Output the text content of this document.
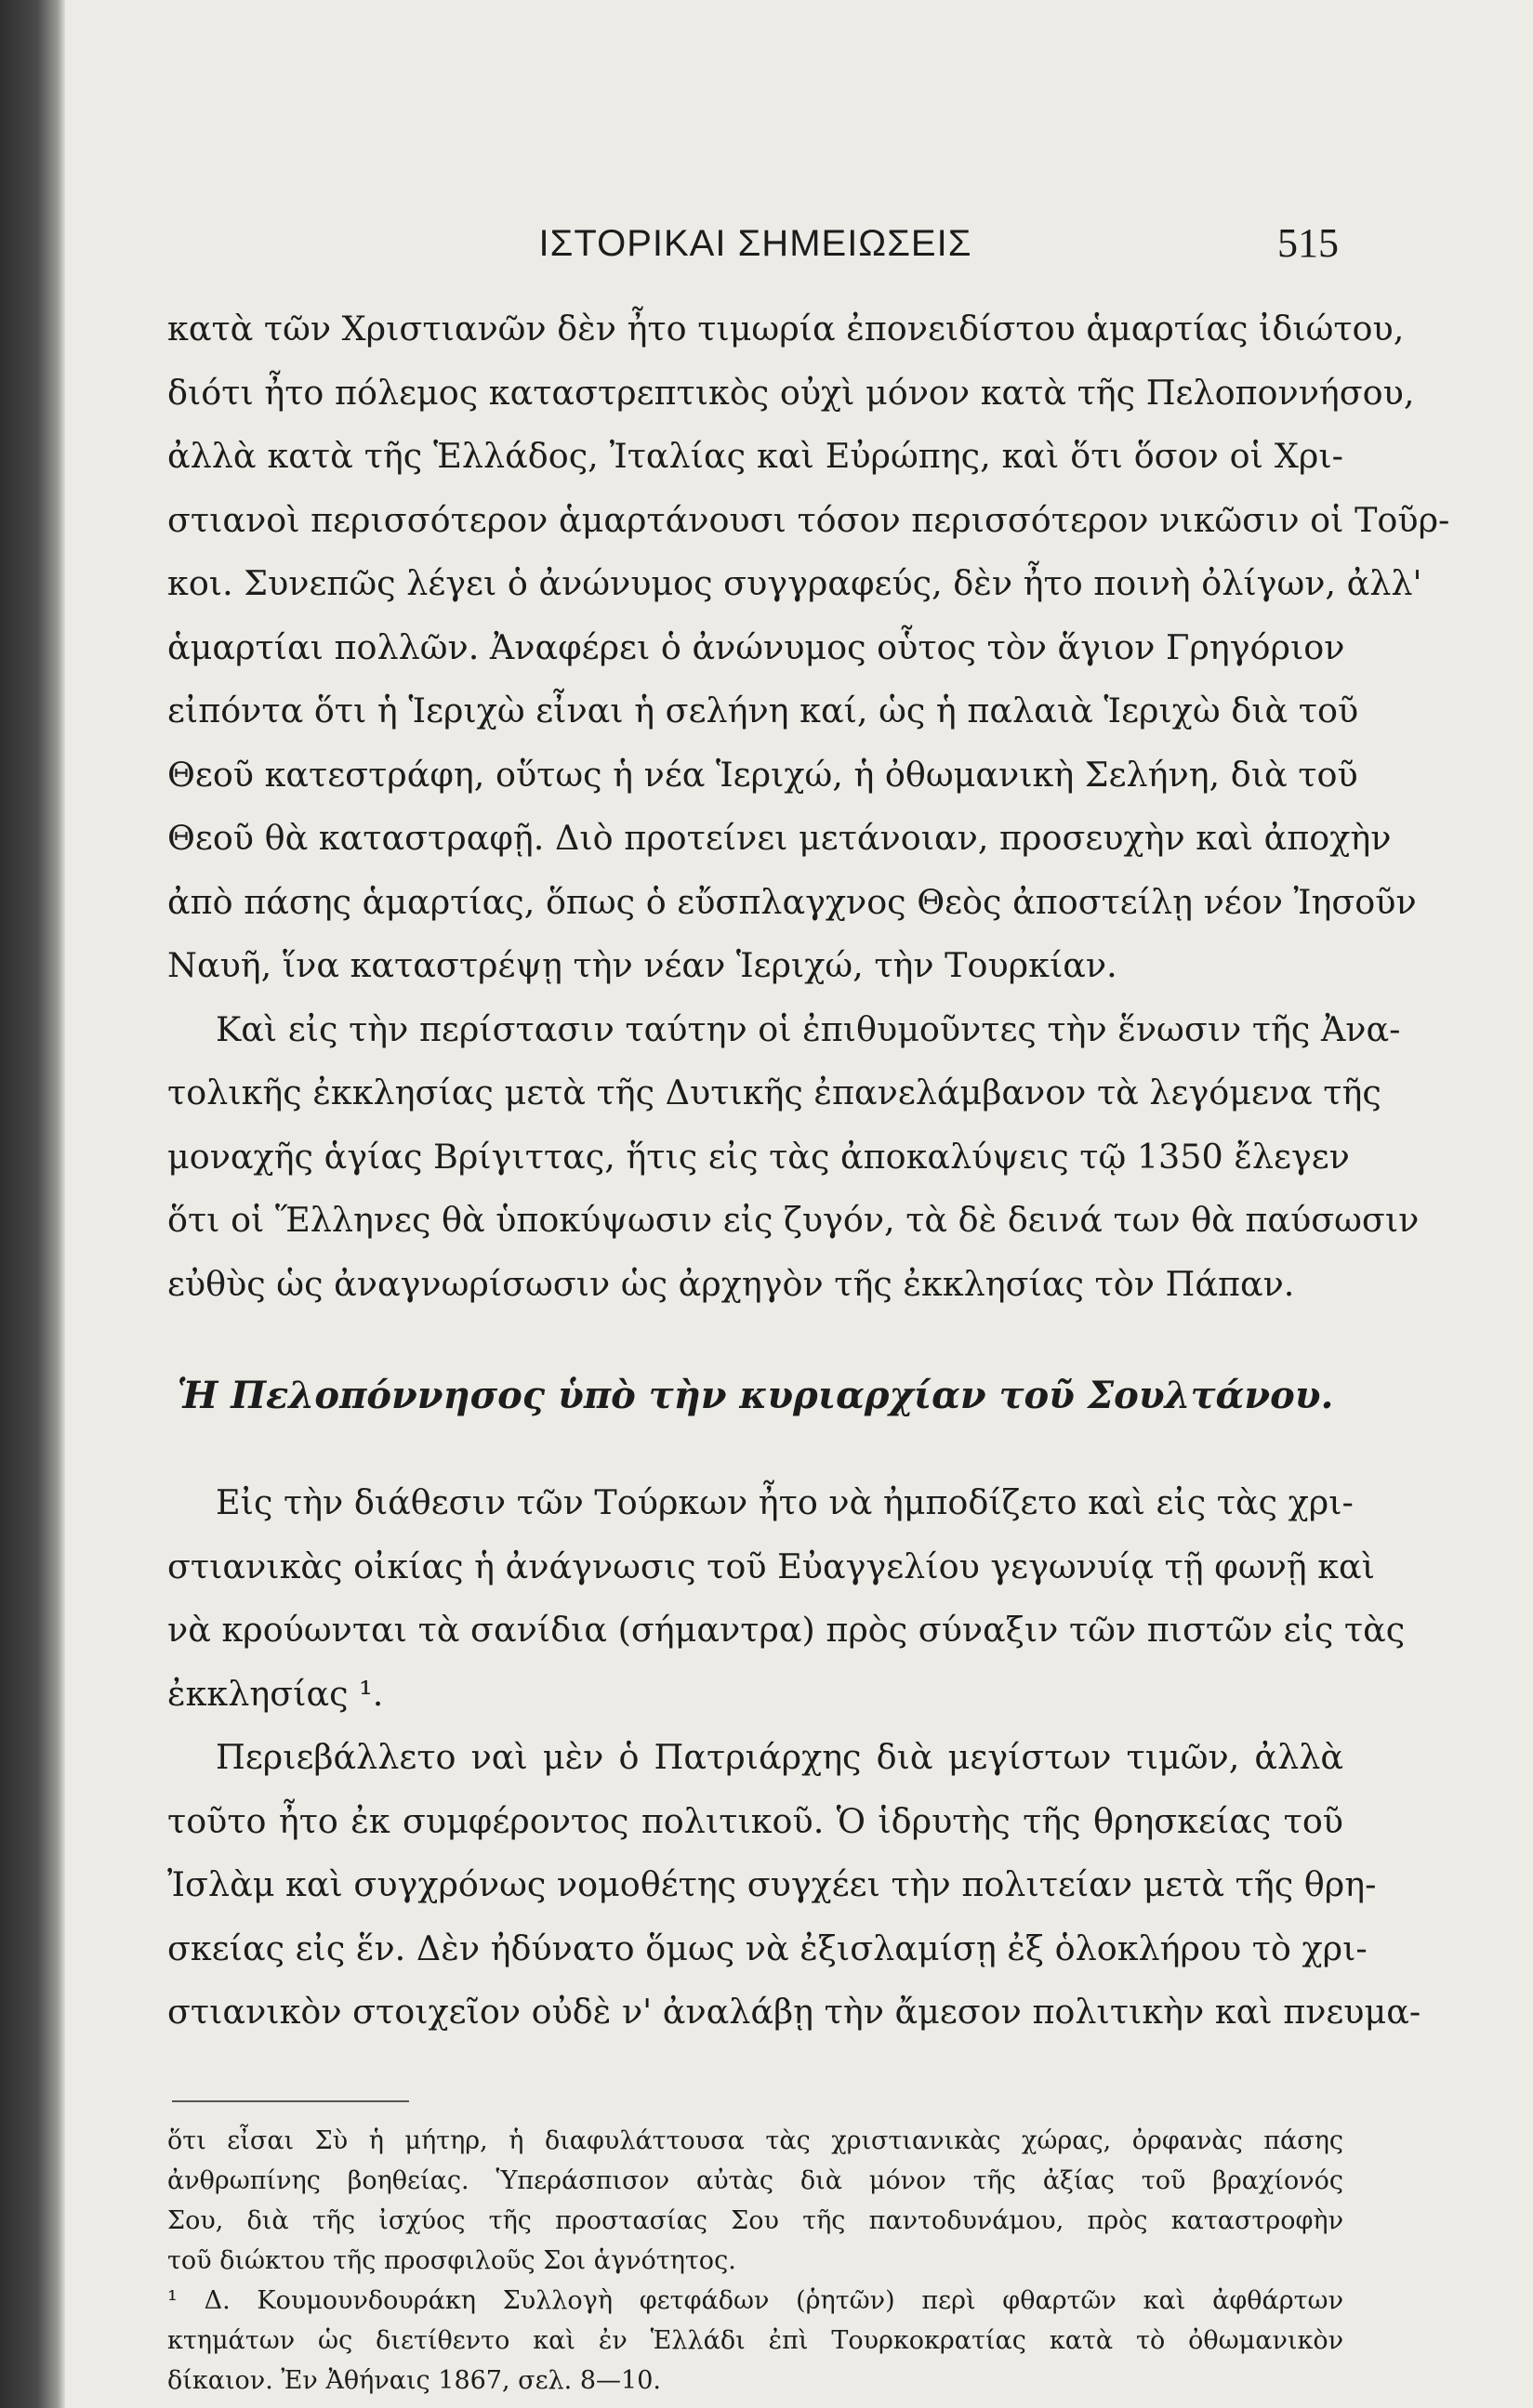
ΙΣΤΟΡΙΚΑΙ ΣΗΜΕΙΩΣΕΙΣ	515

κατὰ τῶν Χριστιανῶν δὲν ἦτο τιμωρία ἐπονειδίστου ἁμαρτίας ἰδιώτου,
διότι ἦτο πόλεμος καταστρεπτικὸς οὐχὶ μόνον κατὰ τῆς Πελοποννήσου,
ἀλλὰ κατὰ τῆς Ἑλλάδος, Ἰταλίας καὶ Εὐρώπης, καὶ ὅτι ὅσον οἱ Χρι-
στιανοὶ περισσότερον ἁμαρτάνουσι τόσον περισσότερον νικῶσιν οἱ Τοῦρ-
κοι. Συνεπῶς λέγει ὁ ἀνώνυμος συγγραφεύς, δὲν ἦτο ποινὴ ὀλίγων, ἀλλ'
ἁμαρτίαι πολλῶν. Ἀναφέρει ὁ ἀνώνυμος οὗτος τὸν ἅγιον Γρηγόριον
εἰπόντα ὅτι ἡ Ἱεριχὼ εἶναι ἡ σελήνη καί, ὡς ἡ παλαιὰ Ἱεριχὼ διὰ τοῦ
Θεοῦ κατεστράφη, οὕτως ἡ νέα Ἱεριχώ, ἡ ὀθωμανικὴ Σελήνη, διὰ τοῦ
Θεοῦ θὰ καταστραφῇ. Διὸ προτείνει μετάνοιαν, προσευχὴν καὶ ἀποχὴν
ἀπὸ πάσης ἁμαρτίας, ὅπως ὁ εὔσπλαγχνος Θεὸς ἀποστείλῃ νέον Ἰησοῦν
Ναυῆ, ἵνα καταστρέψῃ τὴν νέαν Ἱεριχώ, τὴν Τουρκίαν.

Καὶ εἰς τὴν περίστασιν ταύτην οἱ ἐπιθυμοῦντες τὴν ἕνωσιν τῆς Ἀνα-
τολικῆς ἐκκλησίας μετὰ τῆς Δυτικῆς ἐπανελάμβανον τὰ λεγόμενα τῆς
μοναχῆς ἁγίας Βρίγιττας, ἥτις εἰς τὰς ἀποκαλύψεις τῷ 1350 ἔλεγεν
ὅτι οἱ Ἕλληνες θὰ ὑποκύψωσιν εἰς ζυγόν, τὰ δὲ δεινά των θὰ παύσωσιν
εὐθὺς ὡς ἀναγνωρίσωσιν ὡς ἀρχηγὸν τῆς ἐκκλησίας τὸν Πάπαν.

Ἡ Πελοπόννησος ὑπὸ τὴν κυριαρχίαν τοῦ Σουλτάνου.

Εἰς τὴν διάθεσιν τῶν Τούρκων ἦτο νὰ ἠμποδίζετο καὶ εἰς τὰς χρι-
στιανικὰς οἰκίας ἡ ἀνάγνωσις τοῦ Εὐαγγελίου γεγωνυίᾳ τῇ φωνῇ καὶ
νὰ κρούωνται τὰ σανίδια (σήμαντρα) πρὸς σύναξιν τῶν πιστῶν εἰς τὰς
ἐκκλησίας ¹.

Περιεβάλλετο ναὶ μὲν ὁ Πατριάρχης διὰ μεγίστων τιμῶν, ἀλλὰ
τοῦτο ἦτο ἐκ συμφέροντος πολιτικοῦ. Ὁ ἱδρυτὴς τῆς θρησκείας τοῦ
Ἰσλὰμ καὶ συγχρόνως νομοθέτης συγχέει τὴν πολιτείαν μετὰ τῆς θρη-
σκείας εἰς ἕν. Δὲν ἠδύνατο ὅμως νὰ ἐξισλαμίσῃ ἐξ ὁλοκλήρου τὸ χρι-
στιανικὸν στοιχεῖον οὐδὲ ν' ἀναλάβῃ τὴν ἄμεσον πολιτικὴν καὶ πνευμα-

ὅτι εἶσαι Σὺ ἡ μήτηρ, ἡ διαφυλάττουσα τὰς χριστιανικὰς χώρας, ὀρφανὰς πάσης
ἀνθρωπίνης βοηθείας. Ὑπεράσπισον αὐτὰς διὰ μόνον τῆς ἀξίας τοῦ βραχίονός
Σου, διὰ τῆς ἰσχύος τῆς προστασίας Σου τῆς παντοδυνάμου, πρὸς καταστροφὴν
τοῦ διώκτου τῆς προσφιλοῦς Σοι ἁγνότητος.
¹ Δ. Κουμουνδουράκη Συλλογὴ φετφάδων (ῥητῶν) περὶ φθαρτῶν καὶ ἀφθάρτων
κτημάτων ὡς διετίθεντο καὶ ἐν Ἑλλάδι ἐπὶ Τουρκοκρατίας κατὰ τὸ ὀθωμανικὸν
δίκαιον. Ἐν Ἀθήναις 1867, σελ. 8—10.
